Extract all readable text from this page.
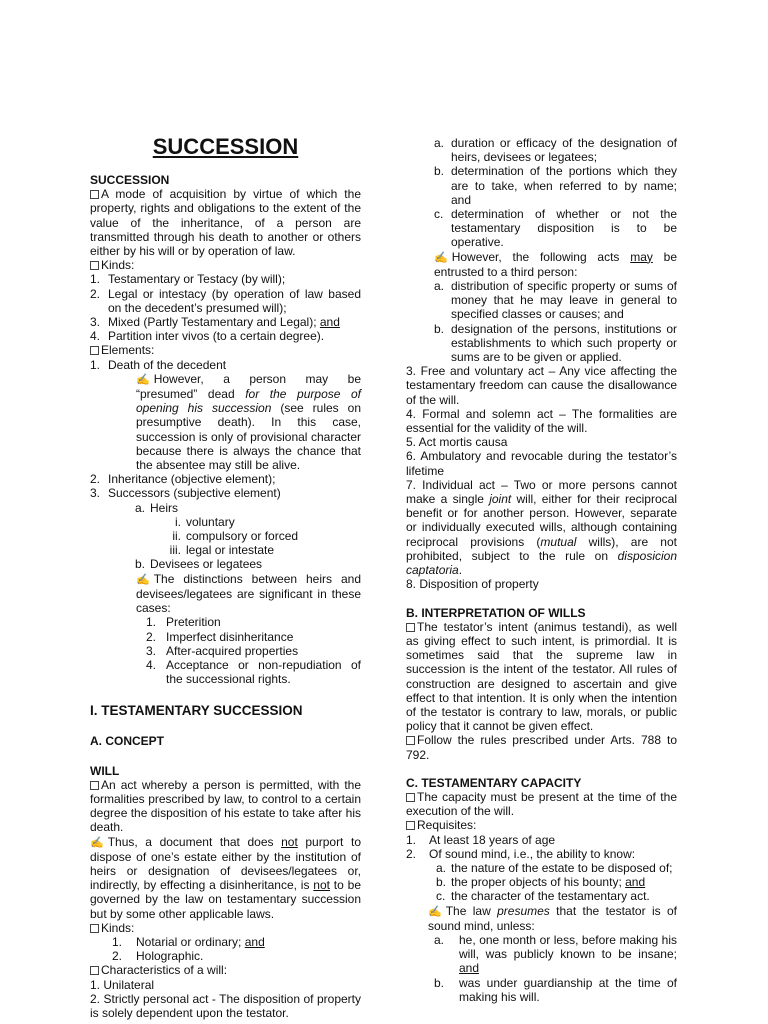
SUCCESSION

SUCCESSION

A mode of acquisition by virtue of which the property, rights and obligations to the extent of the value of the inheritance, of a person are transmitted through his death to another or others either by his will or by operation of law.

Kinds:

1. Testamentary or Testacy (by will);
2. Legal or intestacy (by operation of law based on the decedent’s presumed will);
3. Mixed (Partly Testamentary and Legal); and
4. Partition inter vivos (to a certain degree).

Elements:

1. Death of the decedent

✍ However, a person may be “presumed” dead for the purpose of opening his succession (see rules on presumptive death). In this case, succession is only of provisional character because there is always the chance that the absentee may still be alive.

2. Inheritance (objective element);
3. Successors (subjective element)
a. Heirs
i. voluntary
ii. compulsory or forced
iii. legal or intestate
b. Devisees or legatees

✍ The distinctions between heirs and devisees/legatees are significant in these cases:

1. Preterition
2. Imperfect disinheritance
3. After-acquired properties
4. Acceptance or non-repudiation of the successional rights.

I. TESTAMENTARY SUCCESSION

A. CONCEPT

WILL

An act whereby a person is permitted, with the formalities prescribed by law, to control to a certain degree the disposition of his estate to take after his death.

✍ Thus, a document that does not purport to dispose of one’s estate either by the institution of heirs or designation of devisees/legatees or, indirectly, by effecting a disinheritance, is not to be governed by the law on testamentary succession but by some other applicable laws.

Kinds:

1.	Notarial or ordinary; and
2.	Holographic.

Characteristics of a will:

1. Unilateral

2. Strictly personal act - The disposition of property is solely dependent upon the testator.

a. duration or efficacy of the designation of heirs, devisees or legatees;
b. determination of the portions which they are to take, when referred to by name; and
c. determination of whether or not the testamentary disposition is to be operative.

✍ However, the following acts may be entrusted to a third person:

a. distribution of specific property or sums of money that he may leave in general to specified classes or causes; and
b. designation of the persons, institutions or establishments to which such property or sums are to be given or applied.

3. Free and voluntary act – Any vice affecting the testamentary freedom can cause the disallowance of the will.

4. Formal and solemn act – The formalities are essential for the validity of the will.

5. Act mortis causa

6. Ambulatory and revocable during the testator’s lifetime

7. Individual act – Two or more persons cannot make a single joint will, either for their reciprocal benefit or for another person. However, separate or individually executed wills, although containing reciprocal provisions (mutual wills), are not prohibited, subject to the rule on disposicion captatoria.

8. Disposition of property

B. INTERPRETATION OF WILLS

The testator’s intent (animus testandi), as well as giving effect to such intent, is primordial. It is sometimes said that the supreme law in succession is the intent of the testator. All rules of construction are designed to ascertain and give effect to that intention. It is only when the intention of the testator is contrary to law, morals, or public policy that it cannot be given effect.

Follow the rules prescribed under Arts. 788 to 792.

C. TESTAMENTARY CAPACITY

The capacity must be present at the time of the execution of the will.

Requisites:

1.	At least 18 years of age
2.	Of sound mind, i.e., the ability to know:
a. the nature of the estate to be disposed of;
b. the proper objects of his bounty; and
c. the character of the testamentary act.

✍ The law presumes that the testator is of sound mind, unless:

a.	he, one month or less, before making his will, was publicly known to be insane; and
b.	was under guardianship at the time of making his will.
